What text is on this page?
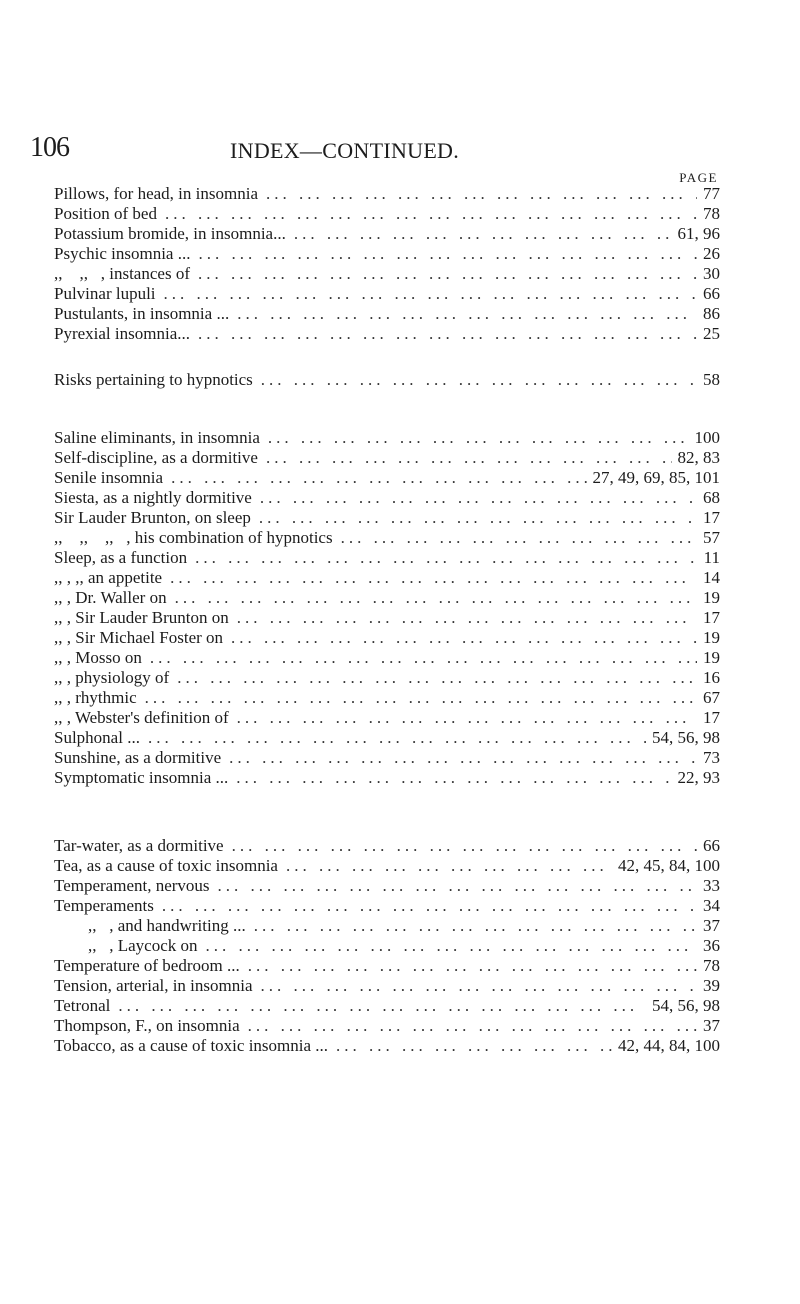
106	INDEX—CONTINUED.
PAGE
Pillows, for head, in insomnia ... .	77
Position of bed ... .	78
Potassium bromide, in insomnia... ... .	61, 96
Psychic insomnia ... ... .	26
,,    ,,   , instances of ... .	30
Pulvinar lupuli ... .	66
Pustulants, in insomnia ... ... .	86
Pyrexial insomnia... ... .	25
Risks pertaining to hypnotics ... .	58
Saline eliminants, in insomnia ... .	100
Self-discipline, as a dormitive ... .	82, 83
Senile insomnia ... .	27, 49, 69, 85, 101
Siesta, as a nightly dormitive ... .	68
Sir Lauder Brunton, on sleep ... .	17
,,    ,,    ,,   , his combination of hypnotics ... .	57
Sleep, as a function ... .	11
,, , ,, an appetite ... .	14
,, , Dr. Waller on ... .	19
,, , Sir Lauder Brunton on ... .	17
,, , Sir Michael Foster on ... .	19
,, , Mosso on ... .	19
,, , physiology of ... .	16
,, , rhythmic ... .	67
,, , Webster's definition of ... .	17
Sulphonal ... ... .	54, 56, 98
Sunshine, as a dormitive ... .	73
Symptomatic insomnia ... ... .	22, 93
Tar-water, as a dormitive ... .	66
Tea, as a cause of toxic insomnia ... .	42, 45, 84, 100
Temperament, nervous ... .	33
Temperaments ... .	34
,,   , and handwriting ... ... .	37
,,   , Laycock on ... .	36
Temperature of bedroom ... ... .	78
Tension, arterial, in insomnia ... .	39
Tetronal ... .	54, 56, 98
Thompson, F., on insomnia ... .	37
Tobacco, as a cause of toxic insomnia ... ... .	42, 44, 84, 100
